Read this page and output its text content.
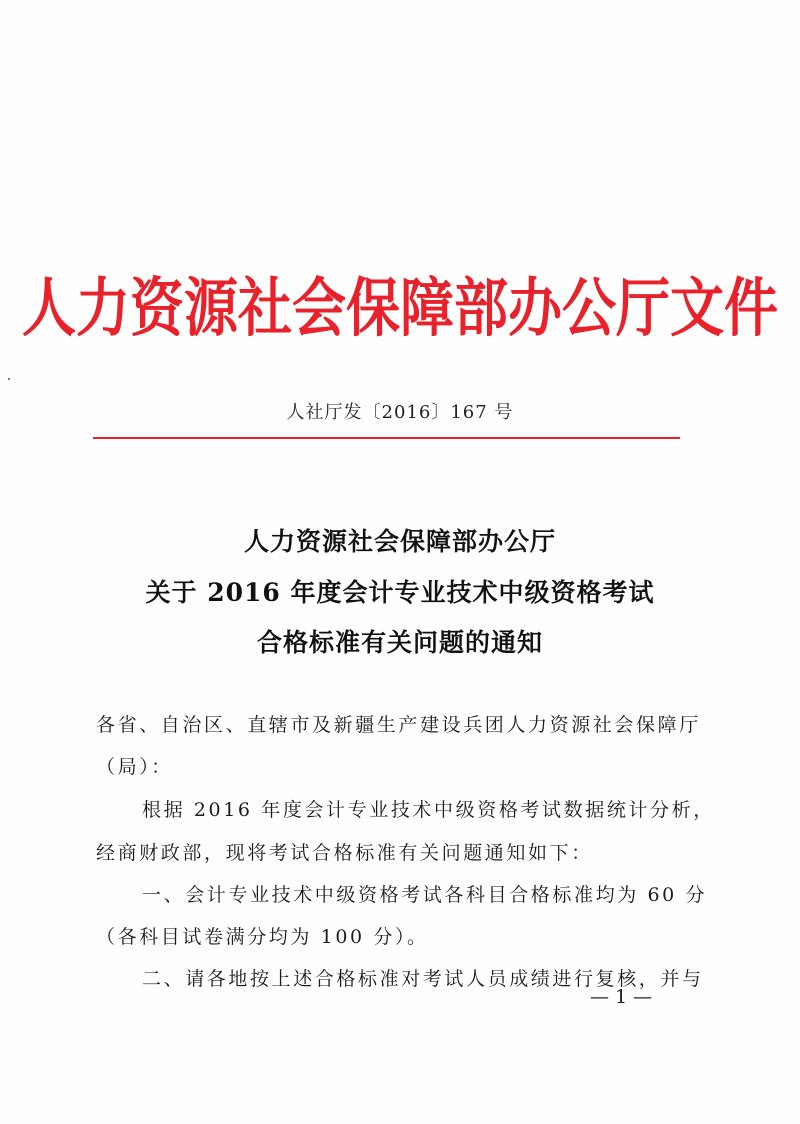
人力资源社会保障部办公厅文件
人社厅发〔2016〕167 号
人力资源社会保障部办公厅
关于 2016 年度会计专业技术中级资格考试
合格标准有关问题的通知
各省、自治区、直辖市及新疆生产建设兵团人力资源社会保障厅
（局）：
根据 2016 年度会计专业技术中级资格考试数据统计分析，
经商财政部，现将考试合格标准有关问题通知如下：
一、会计专业技术中级资格考试各科目合格标准均为 60 分
（各科目试卷满分均为 100 分）。
二、请各地按上述合格标准对考试人员成绩进行复核，并与
— 1 —
